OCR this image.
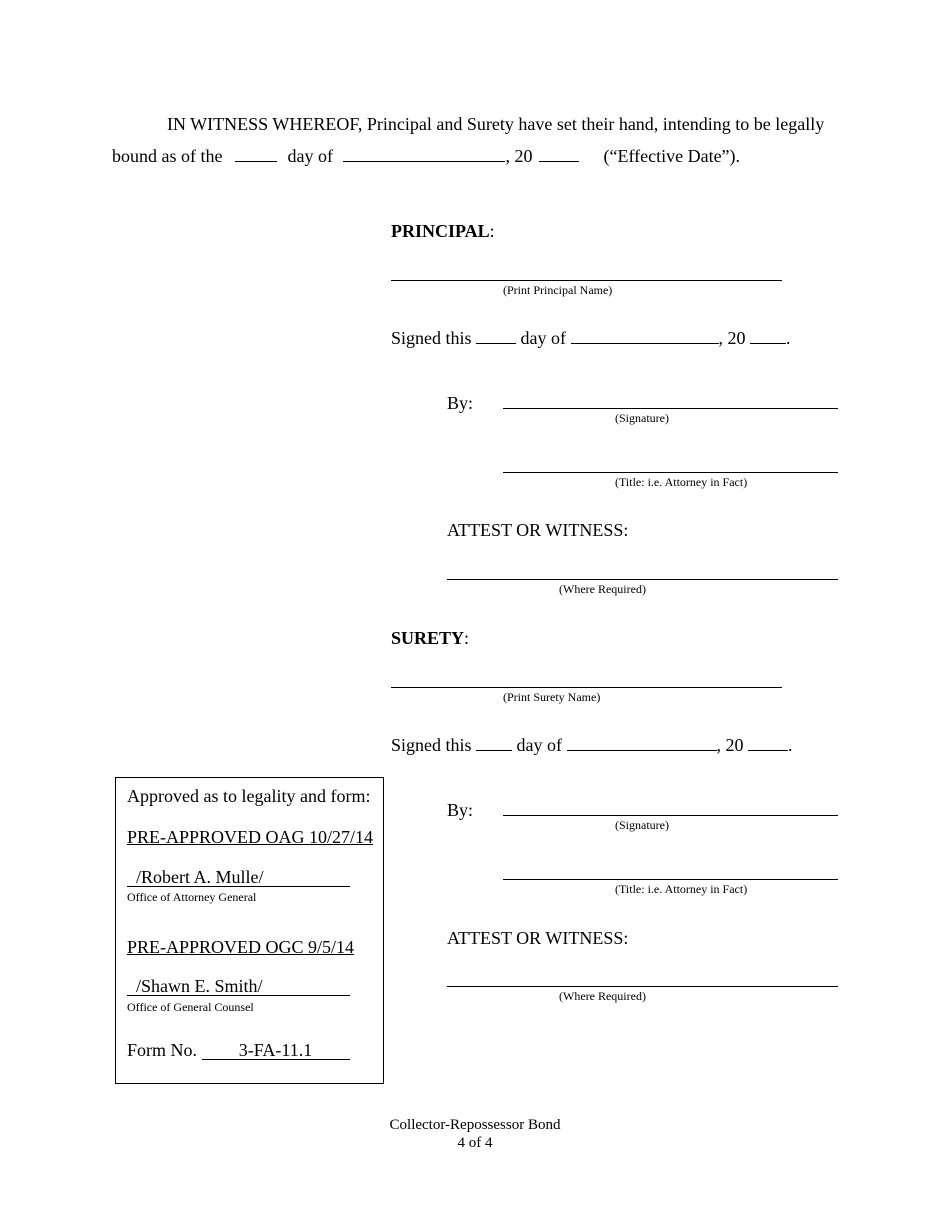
IN WITNESS WHEREOF, Principal and Surety have set their hand, intending to be legally
bound as of the	day of	, 20	(“Effective Date”).
PRINCIPAL:
(Print Principal Name)
Signed this	day of	, 20 .
By:
(Signature)
(Title: i.e. Attorney in Fact)
ATTEST OR WITNESS:
(Where Required)
SURETY:
(Print Surety Name)
Signed this	day of	, 20 .
By:
(Signature)
(Title: i.e. Attorney in Fact)
ATTEST OR WITNESS:
(Where Required)
Approved as to legality and form:
PRE-APPROVED OAG 10/27/14
/Robert A. Mulle/
Office of Attorney General
PRE-APPROVED OGC 9/5/14
/Shawn E. Smith/
Office of General Counsel
Form No. 3-FA-11.1
Collector-Repossessor Bond
4 of 4
